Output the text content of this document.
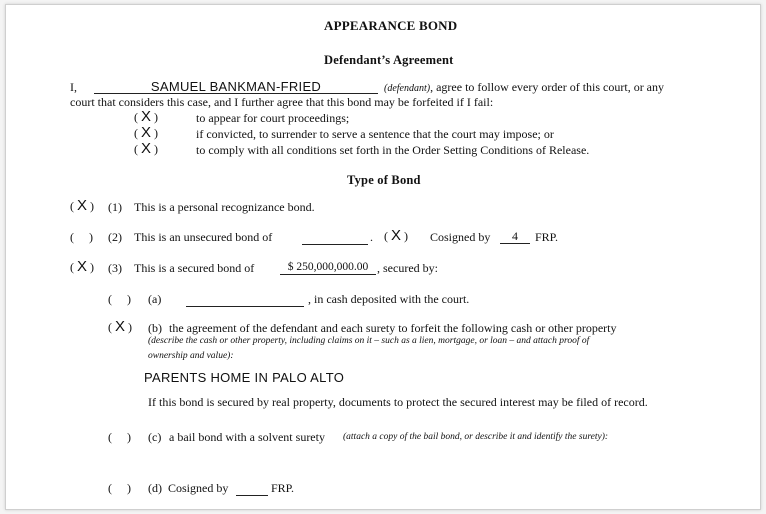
APPEARANCE BOND
Defendant’s Agreement
I,	SAMUEL BANKMAN-FRIED	(defendant), agree to follow every order of this court, or any
court that considers this case, and I further agree that this bond may be forfeited if I fail:
( X )	to appear for court proceedings;
( X )	if convicted, to surrender to serve a sentence that the court may impose; or
( X )	to comply with all conditions set forth in the Order Setting Conditions of Release.
Type of Bond
( X ) (1) This is a personal recognizance bond.
(     ) (2) This is an unsecured bond of	. ( X ) Cosigned by	4	FRP.
( X ) (3) This is a secured bond of	$ 250,000,000.00 , secured by:
(     ) (a)	, in cash deposited with the court.
( X ) (b) the agreement of the defendant and each surety to forfeit the following cash or other property
(describe the cash or other property, including claims on it – such as a lien, mortgage, or loan – and attach proof of
ownership and value):
PARENTS HOME IN PALO ALTO
If this bond is secured by real property, documents to protect the secured interest may be filed of record.
(     ) (c) a bail bond with a solvent surety (attach a copy of the bail bond, or describe it and identify the surety):
(     ) (d) Cosigned by	FRP.
